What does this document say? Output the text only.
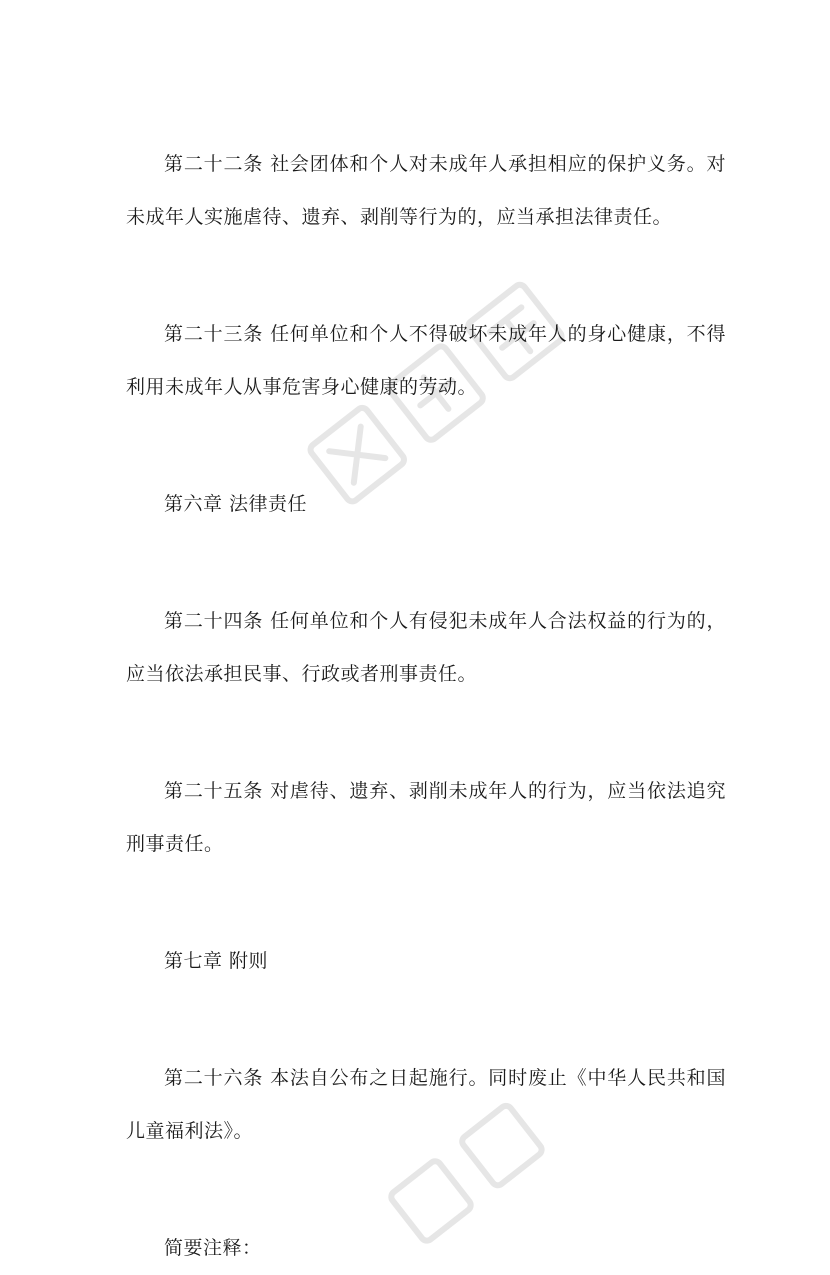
第二十二条 社会团体和个人对未成年人承担相应的保护义务。对未成年人实施虐待、遗弃、剥削等行为的，应当承担法律责任。

第二十三条 任何单位和个人不得破坏未成年人的身心健康，不得利用未成年人从事危害身心健康的劳动。

第六章 法律责任

第二十四条 任何单位和个人有侵犯未成年人合法权益的行为的，应当依法承担民事、行政或者刑事责任。

第二十五条 对虐待、遗弃、剥削未成年人的行为，应当依法追究刑事责任。

第七章 附则

第二十六条 本法自公布之日起施行。同时废止《中华人民共和国儿童福利法》。

简要注释：
